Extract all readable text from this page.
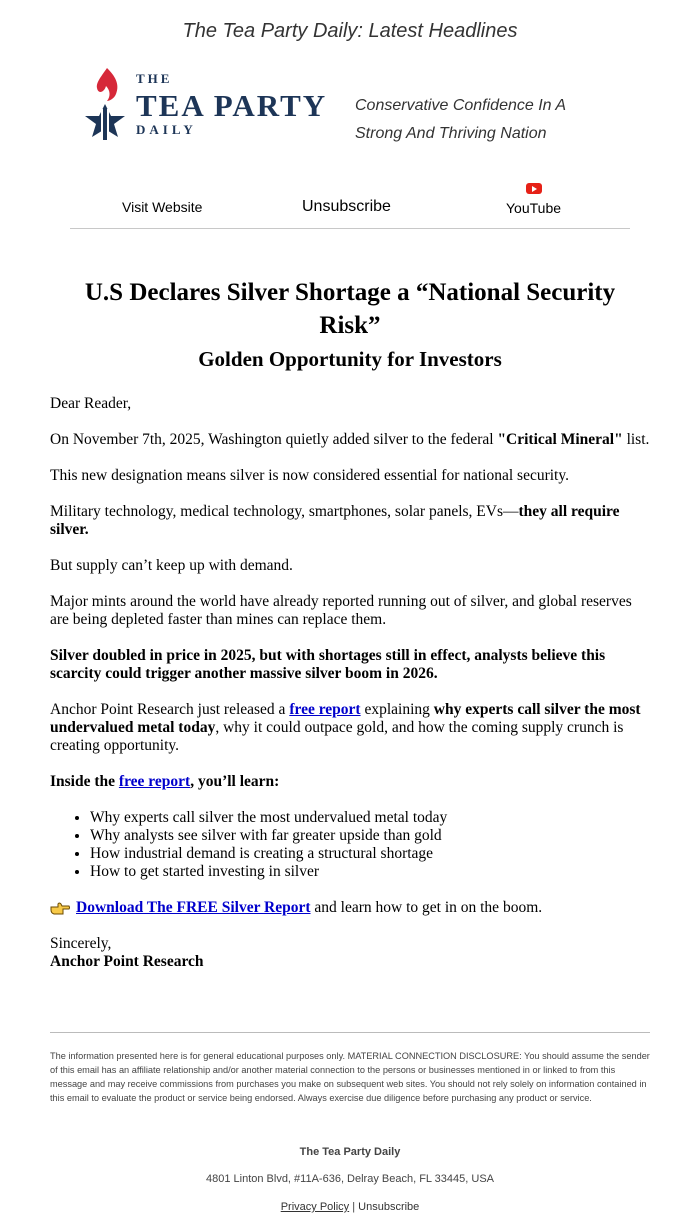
The Tea Party Daily: Latest Headlines
THE
TEA PARTY
DAILY
Conservative Confidence In A Strong And Thriving Nation
Visit Website	Unsubscribe	YouTube
U.S Declares Silver Shortage a “National Security Risk”
Golden Opportunity for Investors

Dear Reader,

On November 7th, 2025, Washington quietly added silver to the federal "Critical Mineral" list.

This new designation means silver is now considered essential for national security.

Military technology, medical technology, smartphones, solar panels, EVs—they all require silver.

But supply can’t keep up with demand.

Major mints around the world have already reported running out of silver, and global reserves are being depleted faster than mines can replace them.

Silver doubled in price in 2025, but with shortages still in effect, analysts believe this scarcity could trigger another massive silver boom in 2026.

Anchor Point Research just released a free report explaining why experts call silver the most undervalued metal today, why it could outpace gold, and how the coming supply crunch is creating opportunity.

Inside the free report, you’ll learn:

• Why experts call silver the most undervalued metal today
• Why analysts see silver with far greater upside than gold
• How industrial demand is creating a structural shortage
• How to get started investing in silver

Download The FREE Silver Report and learn how to get in on the boom.

Sincerely,
Anchor Point Research

The information presented here is for general educational purposes only. MATERIAL CONNECTION DISCLOSURE: You should assume the sender of this email has an affiliate relationship and/or another material connection to the persons or businesses mentioned in or linked to from this message and may receive commissions from purchases you make on subsequent web sites. You should not rely solely on information contained in this email to evaluate the product or service being endorsed. Always exercise due diligence before purchasing any product or service.

The Tea Party Daily
4801 Linton Blvd, #11A-636, Delray Beach, FL 33445, USA
Privacy Policy | Unsubscribe
